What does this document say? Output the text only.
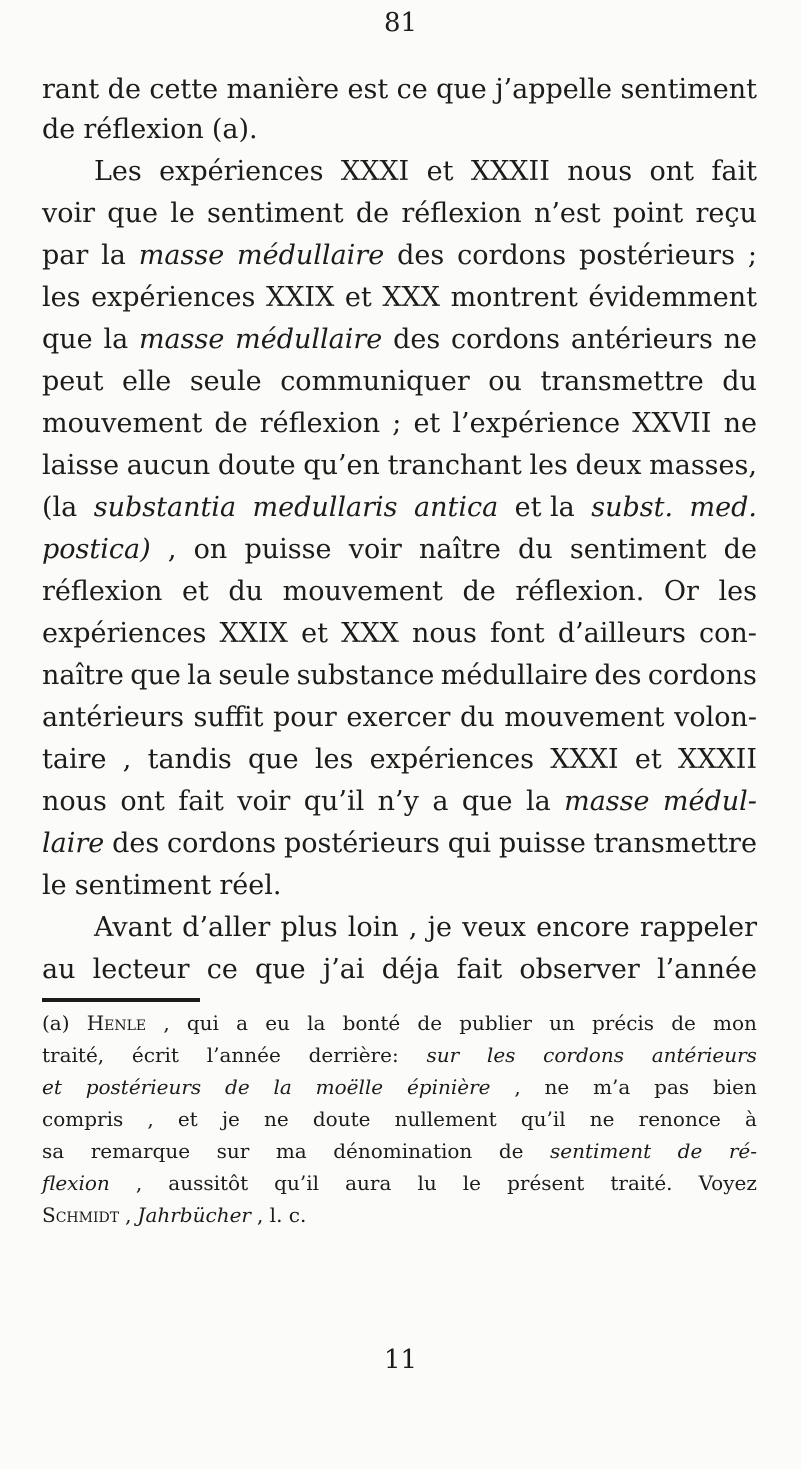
81
rant de cette manière est ce que j’appelle sentiment
de réflexion (a).
Les expériences XXXI et XXXII nous ont fait
voir que le sentiment de réflexion n’est point reçu
par la masse médullaire des cordons postérieurs ;
les expériences XXIX et XXX montrent évidemment
que la masse médullaire des cordons antérieurs ne
peut elle seule communiquer ou transmettre du
mouvement de réflexion ; et l’expérience XXVII ne
laisse aucun doute qu’en tranchant les deux masses,
(la substantia medullaris antica et la subst. med.
postica) , on puisse voir naître du sentiment de
réflexion et du mouvement de réflexion. Or les
expériences XXIX et XXX nous font d’ailleurs con-
naître que la seule substance médullaire des cordons
antérieurs suffit pour exercer du mouvement volon-
taire , tandis que les expériences XXXI et XXXII
nous ont fait voir qu’il n’y a que la masse médul-
laire des cordons postérieurs qui puisse transmettre
le sentiment réel.
Avant d’aller plus loin , je veux encore rappeler
au lecteur ce que j’ai déja fait observer l’année
(a) Henle , qui a eu la bonté de publier un précis de mon
traité, écrit l’année derrière: sur les cordons antérieurs
et postérieurs de la moëlle épinière , ne m’a pas bien
compris , et je ne doute nullement qu’il ne renonce à
sa remarque sur ma dénomination de sentiment de ré-
flexion , aussitôt qu’il aura lu le présent traité. Voyez
Schmidt , Jahrbücher , l. c.
11
